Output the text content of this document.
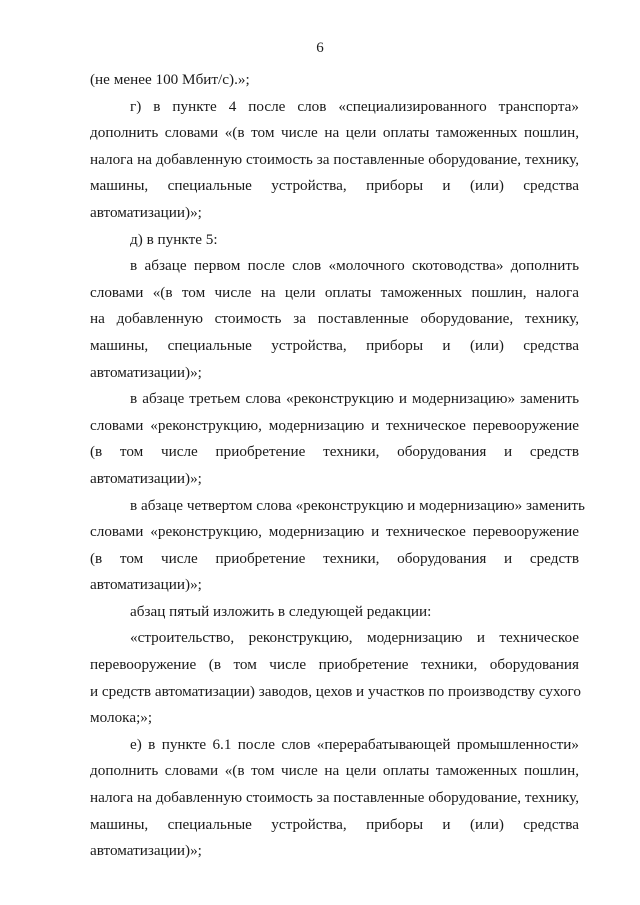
6

(не менее 100 Мбит/с).»;

г) в пункте 4 после слов «специализированного транспорта»
дополнить словами «(в том числе на цели оплаты таможенных пошлин,
налога на добавленную стоимость за поставленные оборудование, технику,
машины, специальные устройства, приборы и (или) средства
автоматизации)»;

д) в пункте 5:

в абзаце первом после слов «молочного скотоводства» дополнить
словами «(в том числе на цели оплаты таможенных пошлин, налога
на добавленную стоимость за поставленные оборудование, технику,
машины, специальные устройства, приборы и (или) средства
автоматизации)»;

в абзаце третьем слова «реконструкцию и модернизацию» заменить
словами «реконструкцию, модернизацию и техническое перевооружение
(в том числе приобретение техники, оборудования и средств
автоматизации)»;

в абзаце четвертом слова «реконструкцию и модернизацию» заменить
словами «реконструкцию, модернизацию и техническое перевооружение
(в том числе приобретение техники, оборудования и средств
автоматизации)»;

абзац пятый изложить в следующей редакции:

«строительство, реконструкцию, модернизацию и техническое
перевооружение (в том числе приобретение техники, оборудования
и средств автоматизации) заводов, цехов и участков по производству сухого
молока;»;

е) в пункте 6.1 после слов «перерабатывающей промышленности»
дополнить словами «(в том числе на цели оплаты таможенных пошлин,
налога на добавленную стоимость за поставленные оборудование, технику,
машины, специальные устройства, приборы и (или) средства
автоматизации)»;
